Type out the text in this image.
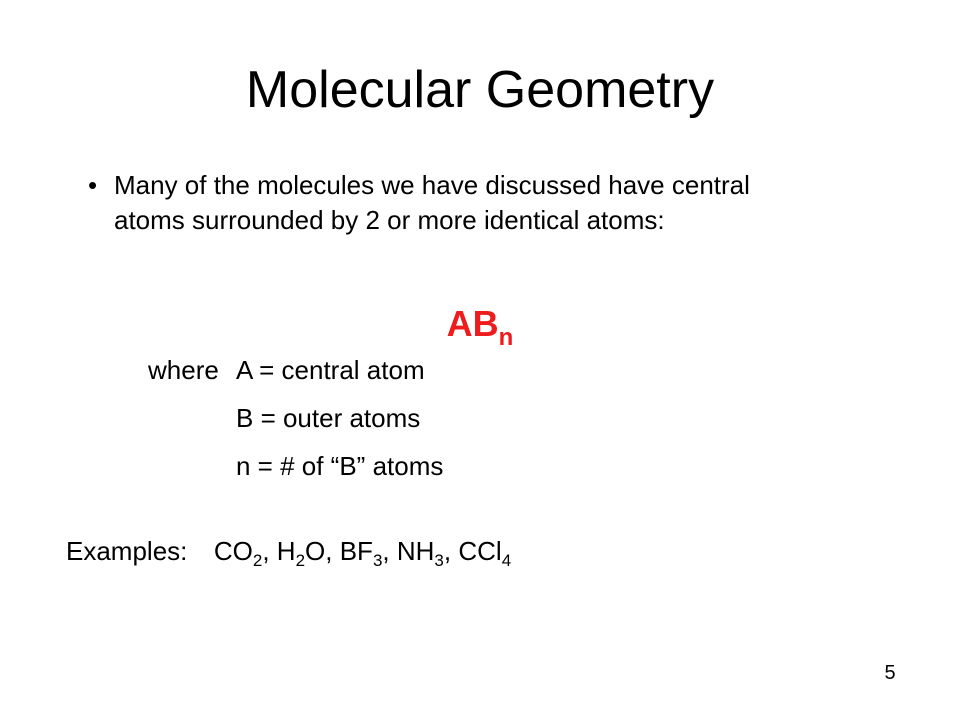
Molecular Geometry
• Many of the molecules we have discussed have central atoms surrounded by 2 or more identical atoms:
$AB_n$
where A = central atom
B = outer atoms
n = # of “B” atoms
Examples: $CO_2$, $H_2O$, $BF_3$, $NH_3$, CCl$_4$
5
